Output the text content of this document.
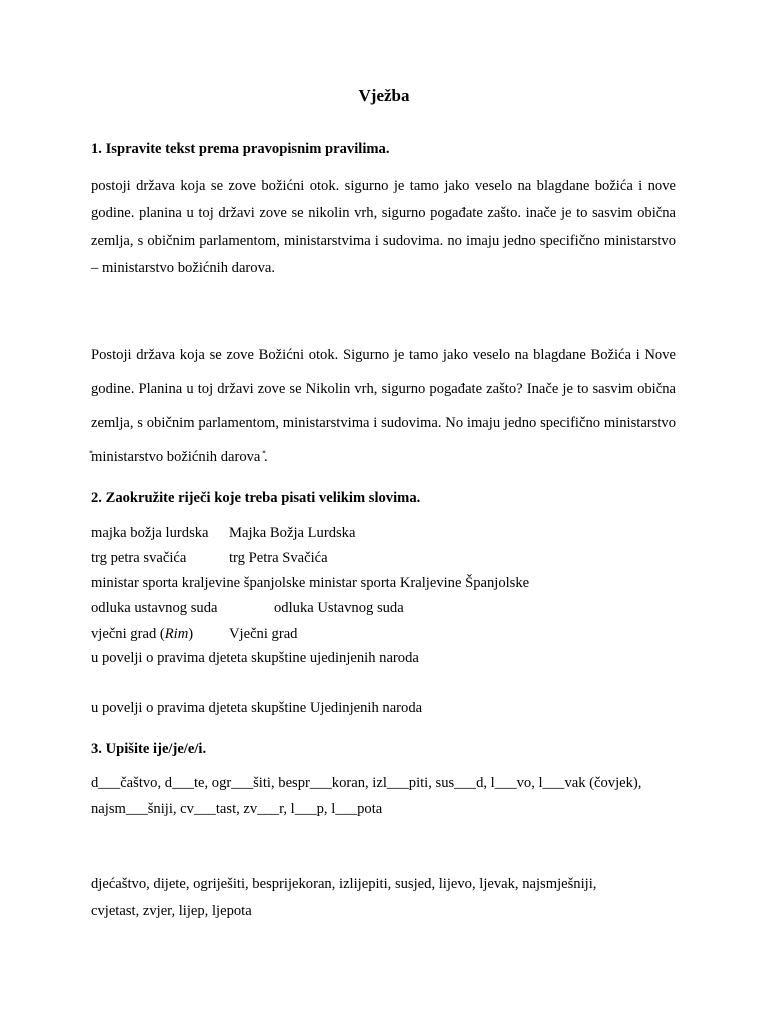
Vježba
1. Ispravite tekst prema pravopisnim pravilima.
postoji država koja se zove božićni otok. sigurno je tamo jako veselo na blagdane božića i nove godine. planina u toj državi zove se nikolin vrh, sigurno pogađate zašto. inače je to sasvim obična zemlja, s običnim parlamentom, ministarstvima i sudovima. no imaju jedno specifično ministarstvo – ministarstvo božićnih darova.
Postoji država koja se zove Božićni otok. Sigurno je tamo jako veselo na blagdane Božića i Nove godine. Planina u toj državi zove se Nikolin vrh, sigurno pogađate zašto? Inače je to sasvim obična zemlja, s običnim parlamentom, ministarstvima i sudovima. No imaju jedno specifično ministarstvo ̎ministarstvo božićnih darova ̎.
2. Zaokružite riječi koje treba pisati velikim slovima.
majka božja lurdska Majka Božja Lurdska
trg petra svačića	trg Petra Svačića
ministar sporta kraljevine španjolske ministar sporta Kraljevine Španjolske
odluka ustavnog suda	odluka Ustavnog suda
vječni grad (Rim) Vječni grad
u povelji o pravima djeteta skupštine ujedinjenih naroda
u povelji o pravima djeteta skupštine Ujedinjenih naroda
3. Upišite ije/je/e/i.
d___čaštvo, d___te, ogr___šiti, bespr___koran, izl___piti, sus___d, l___vo, l___vak (čovjek),
najsm___šniji, cv___tast, zv___r, l___p, l___pota
djećaštvo, dijete, ogriješiti, besprijekoran, izlijepiti, susjed, lijevo, ljevak, najsmješniji,
cvjetast, zvjer, lijep, ljepota
